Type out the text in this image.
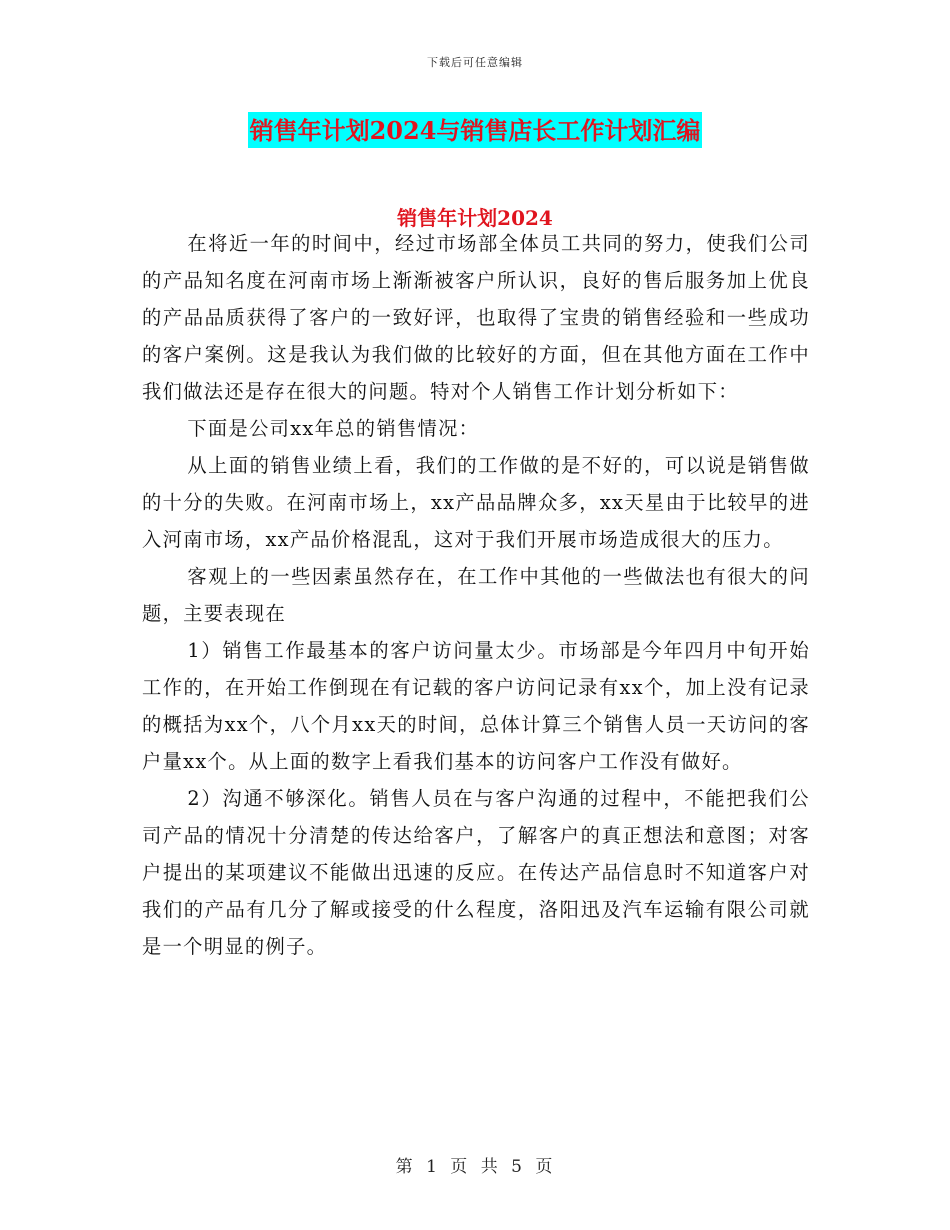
下载后可任意编辑
销售年计划2024与销售店长工作计划汇编
销售年计划2024

在将近一年的时间中，经过市场部全体员工共同的努力，使我们公司的产品知名度在河南市场上渐渐被客户所认识，良好的售后服务加上优良的产品品质获得了客户的一致好评，也取得了宝贵的销售经验和一些成功的客户案例。这是我认为我们做的比较好的方面，但在其他方面在工作中我们做法还是存在很大的问题。特对个人销售工作计划分析如下：

下面是公司xx年总的销售情况：

从上面的销售业绩上看，我们的工作做的是不好的，可以说是销售做的十分的失败。在河南市场上，xx产品品牌众多，xx天星由于比较早的进入河南市场，xx产品价格混乱，这对于我们开展市场造成很大的压力。

客观上的一些因素虽然存在，在工作中其他的一些做法也有很大的问题，主要表现在

1）销售工作最基本的客户访问量太少。市场部是今年四月中旬开始工作的，在开始工作倒现在有记载的客户访问记录有xx个，加上没有记录的概括为xx个，八个月xx天的时间，总体计算三个销售人员一天访问的客户量xx个。从上面的数字上看我们基本的访问客户工作没有做好。

2）沟通不够深化。销售人员在与客户沟通的过程中，不能把我们公司产品的情况十分清楚的传达给客户，了解客户的真正想法和意图；对客户提出的某项建议不能做出迅速的反应。在传达产品信息时不知道客户对我们的产品有几分了解或接受的什么程度，洛阳迅及汽车运输有限公司就是一个明显的例子。

第 1 页 共 5 页
